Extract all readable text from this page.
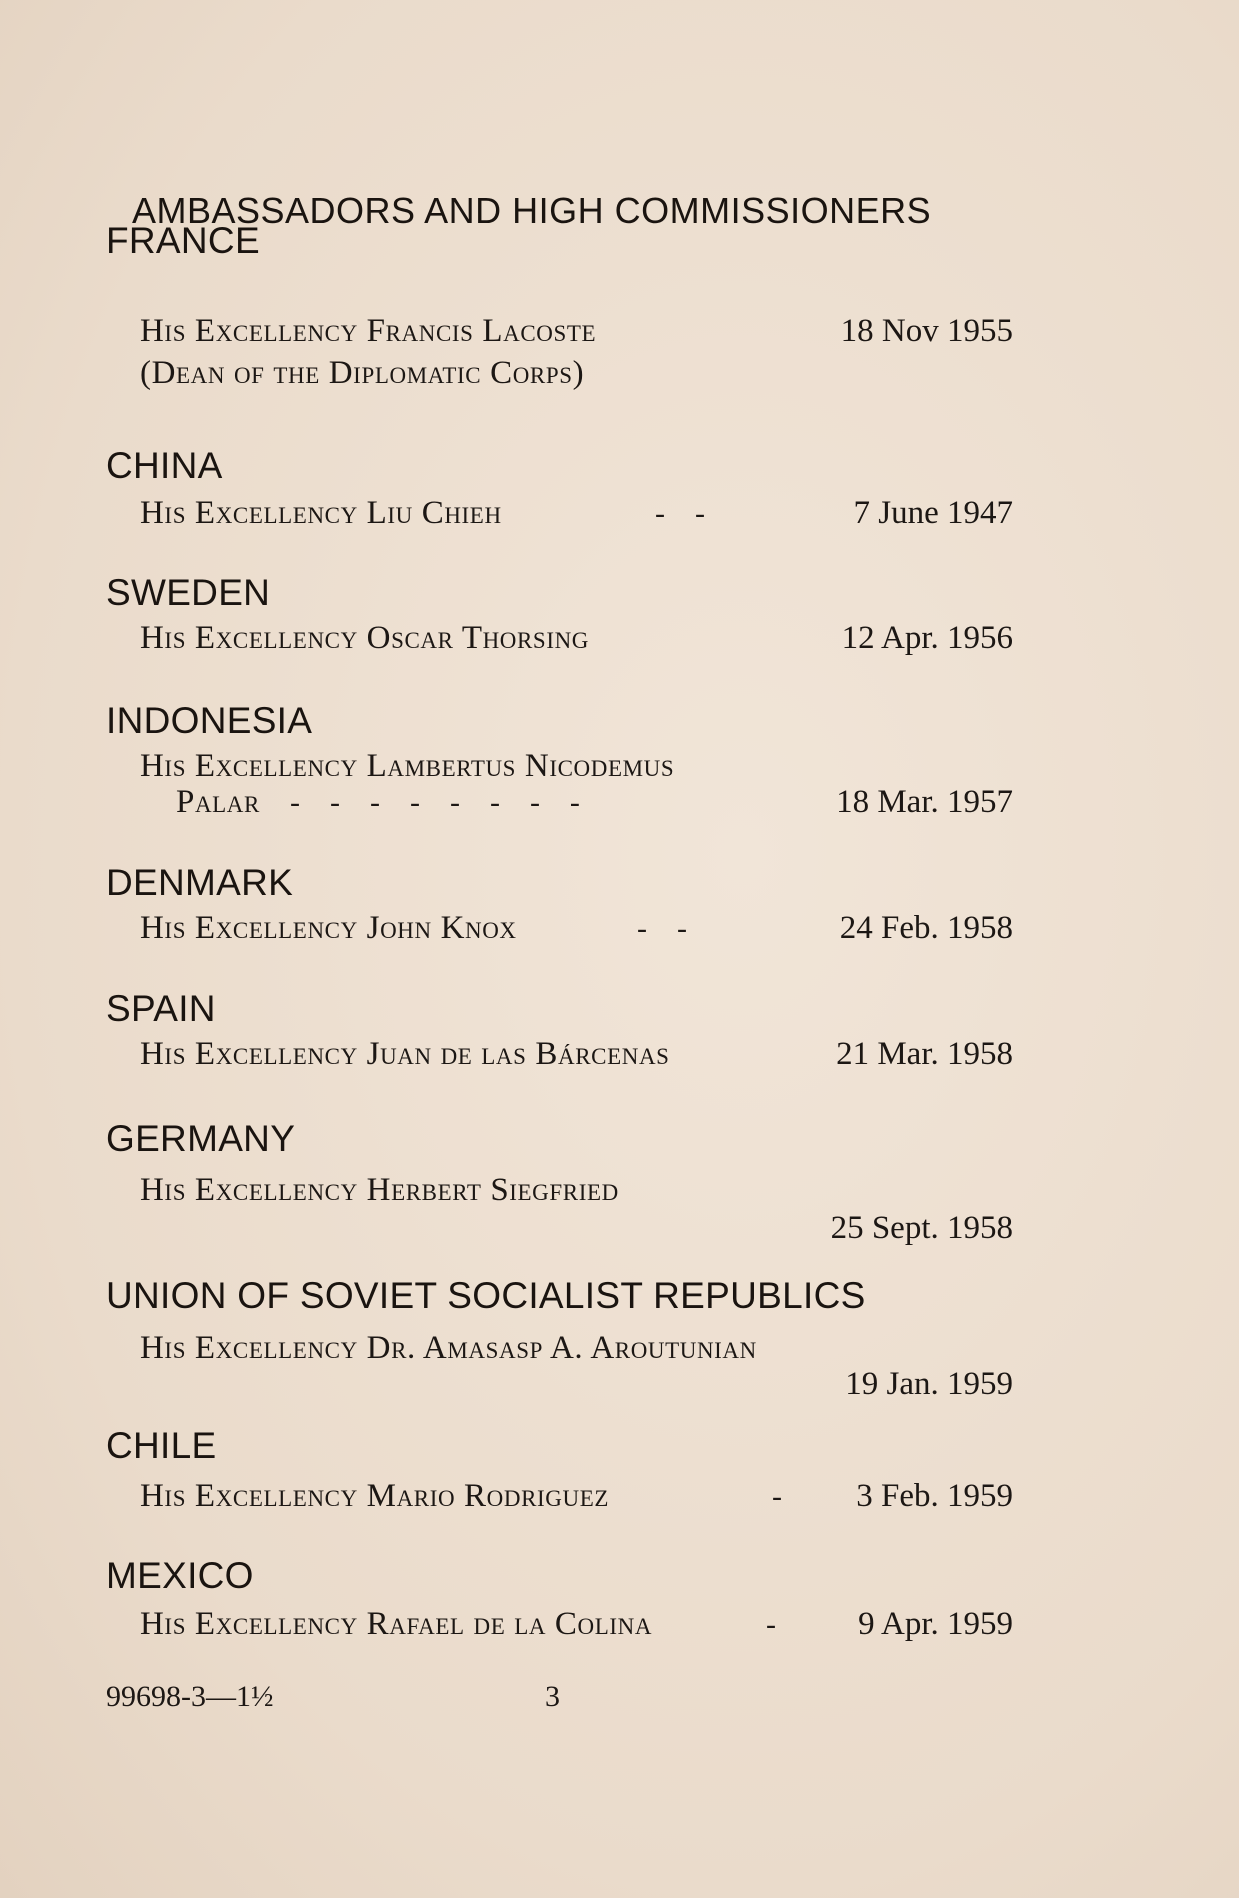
AMBASSADORS AND HIGH COMMISSIONERS
FRANCE
His Excellency Francis Lacoste	18 Nov 1955
(Dean of the Diplomatic Corps)
CHINA
His Excellency Liu Chieh	-    -	7 June 1947
SWEDEN
His Excellency Oscar Thorsing	12 Apr. 1956
INDONESIA
His Excellency Lambertus Nicodemus
Palar -    -    -    -    -    -    -    -	18 Mar. 1957
DENMARK
His Excellency John Knox	-    -	24 Feb. 1958
SPAIN
His Excellency Juan de las Bárcenas	21 Mar. 1958
GERMANY
His Excellency Herbert Siegfried
25 Sept. 1958
UNION OF SOVIET SOCIALIST REPUBLICS
His Excellency Dr. Amasasp A. Aroutunian
19 Jan. 1959
CHILE
His Excellency Mario Rodriguez	- 3 Feb. 1959
MEXICO
His Excellency Rafael de la Colina	- 9 Apr. 1959
99698-3—1½	3
